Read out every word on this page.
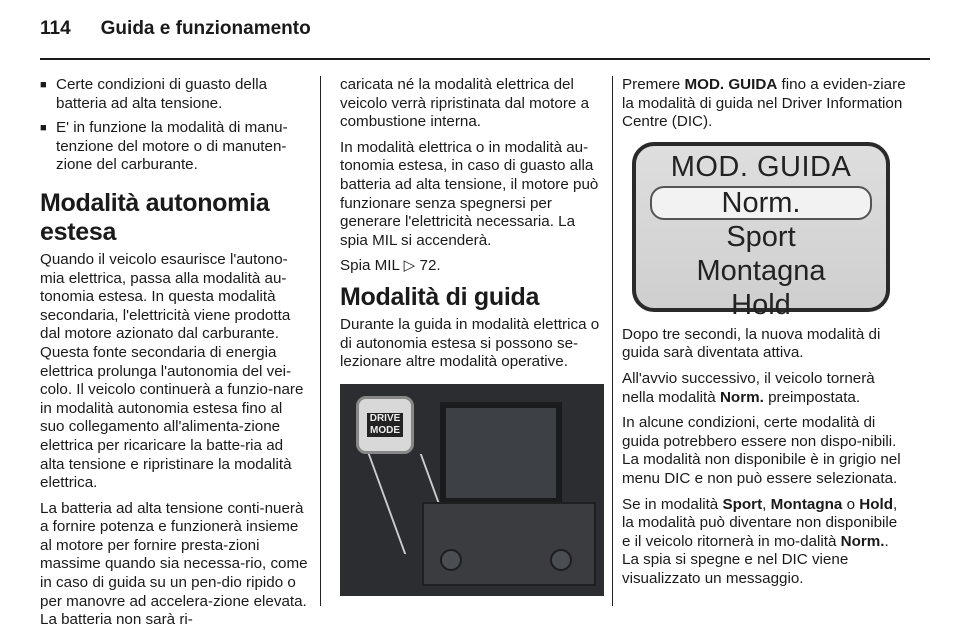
114 Guida e funzionamento
■ Certe condizioni di guasto della batteria ad alta tensione.
■ E' in funzione la modalità di manu-tenzione del motore o di manuten-zione del carburante.
Modalità autonomia estesa

Quando il veicolo esaurisce l'autono-mia elettrica, passa alla modalità au-tonomia estesa. In questa modalità secondaria, l'elettricità viene prodotta dal motore azionato dal carburante. Questa fonte secondaria di energia elettrica prolunga l'autonomia del vei-colo. Il veicolo continuerà a funzio-nare in modalità autonomia estesa fino al suo collegamento all'alimenta-zione elettrica per ricaricare la batte-ria ad alta tensione e ripristinare la modalità elettrica.

La batteria ad alta tensione conti-nuerà a fornire potenza e funzionerà insieme al motore per fornire presta-zioni massime quando sia necessa-rio, come in caso di guida su un pen-dio ripido o per manovre ad accelera-zione elevata. La batteria non sarà ri-

caricata né la modalità elettrica del veicolo verrà ripristinata dal motore a combustione interna.

In modalità elettrica o in modalità au-tonomia estesa, in caso di guasto alla batteria ad alta tensione, il motore può funzionare senza spegnersi per generare l'elettricità necessaria. La spia MIL si accenderà.

Spia MIL ▷ 72.

Modalità di guida

Durante la guida in modalità elettrica o di autonomia estesa si possono se-lezionare altre modalità operative.

DRIVE
MODE

Premere MOD. GUIDA fino a eviden-ziare la modalità di guida nel Driver Information Centre (DIC).

MOD. GUIDA
Norm.
Sport
Montagna
Hold

Dopo tre secondi, la nuova modalità di guida sarà diventata attiva.

All'avvio successivo, il veicolo tornerà nella modalità Norm. preimpostata.

In alcune condizioni, certe modalità di guida potrebbero essere non dispo-nibili. La modalità non disponibile è in grigio nel menu DIC e non può essere selezionata.

Se in modalità Sport, Montagna o Hold, la modalità può diventare non disponibile e il veicolo ritornerà in mo-dalità Norm.. La spia si spegne e nel DIC viene visualizzato un messaggio.
